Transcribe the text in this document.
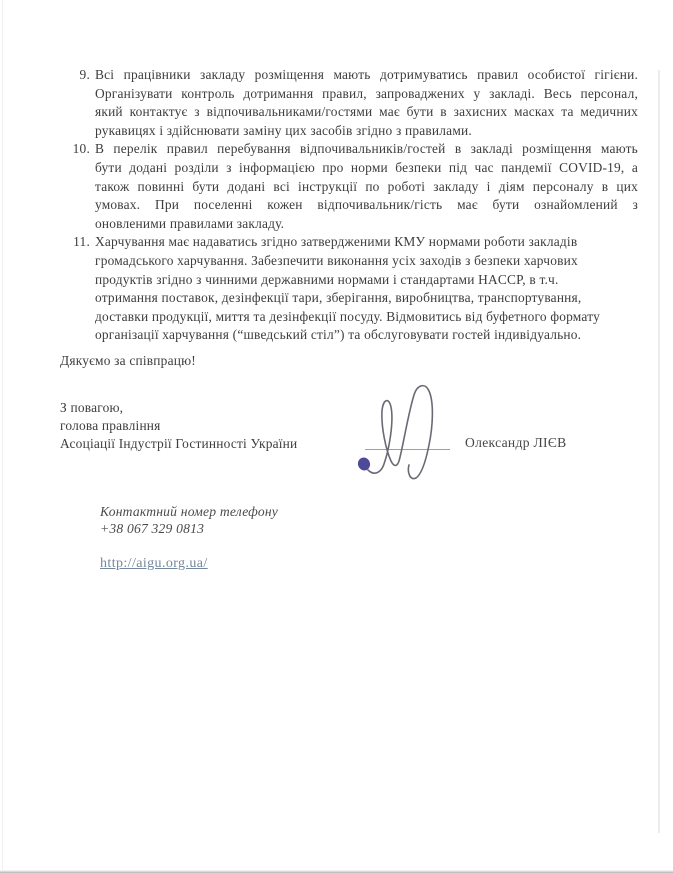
9. Всі працівники закладу розміщення мають дотримуватись правил особистої гігієни.
Організувати контроль дотримання правил, запроваджених у закладі. Весь персонал,
який контактує з відпочивальниками/гостями має бути в захисних масках та медичних
рукавицях і здійснювати заміну цих засобів згідно з правилами.
10. В перелік правил перебування відпочивальників/гостей в закладі розміщення мають
бути додані розділи з інформацією про норми безпеки під час пандемії COVID-19, а
також повинні бути додані всі інструкції по роботі закладу і діям персоналу в цих
умовах. При поселенні кожен відпочивальник/гість має бути ознайомлений з
оновленими правилами закладу.
11. Харчування має надаватись згідно затвердженими КМУ нормами роботи закладів
громадського харчування. Забезпечити виконання усіх заходів з безпеки харчових
продуктів згідно з чинними державними нормами і стандартами HACCP, в т.ч.
отримання поставок, дезінфекції тари, зберігання, виробництва, транспортування,
доставки продукції, миття та дезінфекції посуду. Відмовитись від буфетного формату
організації харчування (“шведський стіл”) та обслуговувати гостей індивідуально.
Дякуємо за співпрацю!
З повагою,
голова правління
Асоціації Індустрії Гостинності України	Олександр ЛІЄВ
Контактний номер телефону
+38 067 329 0813
http://aigu.org.ua/
